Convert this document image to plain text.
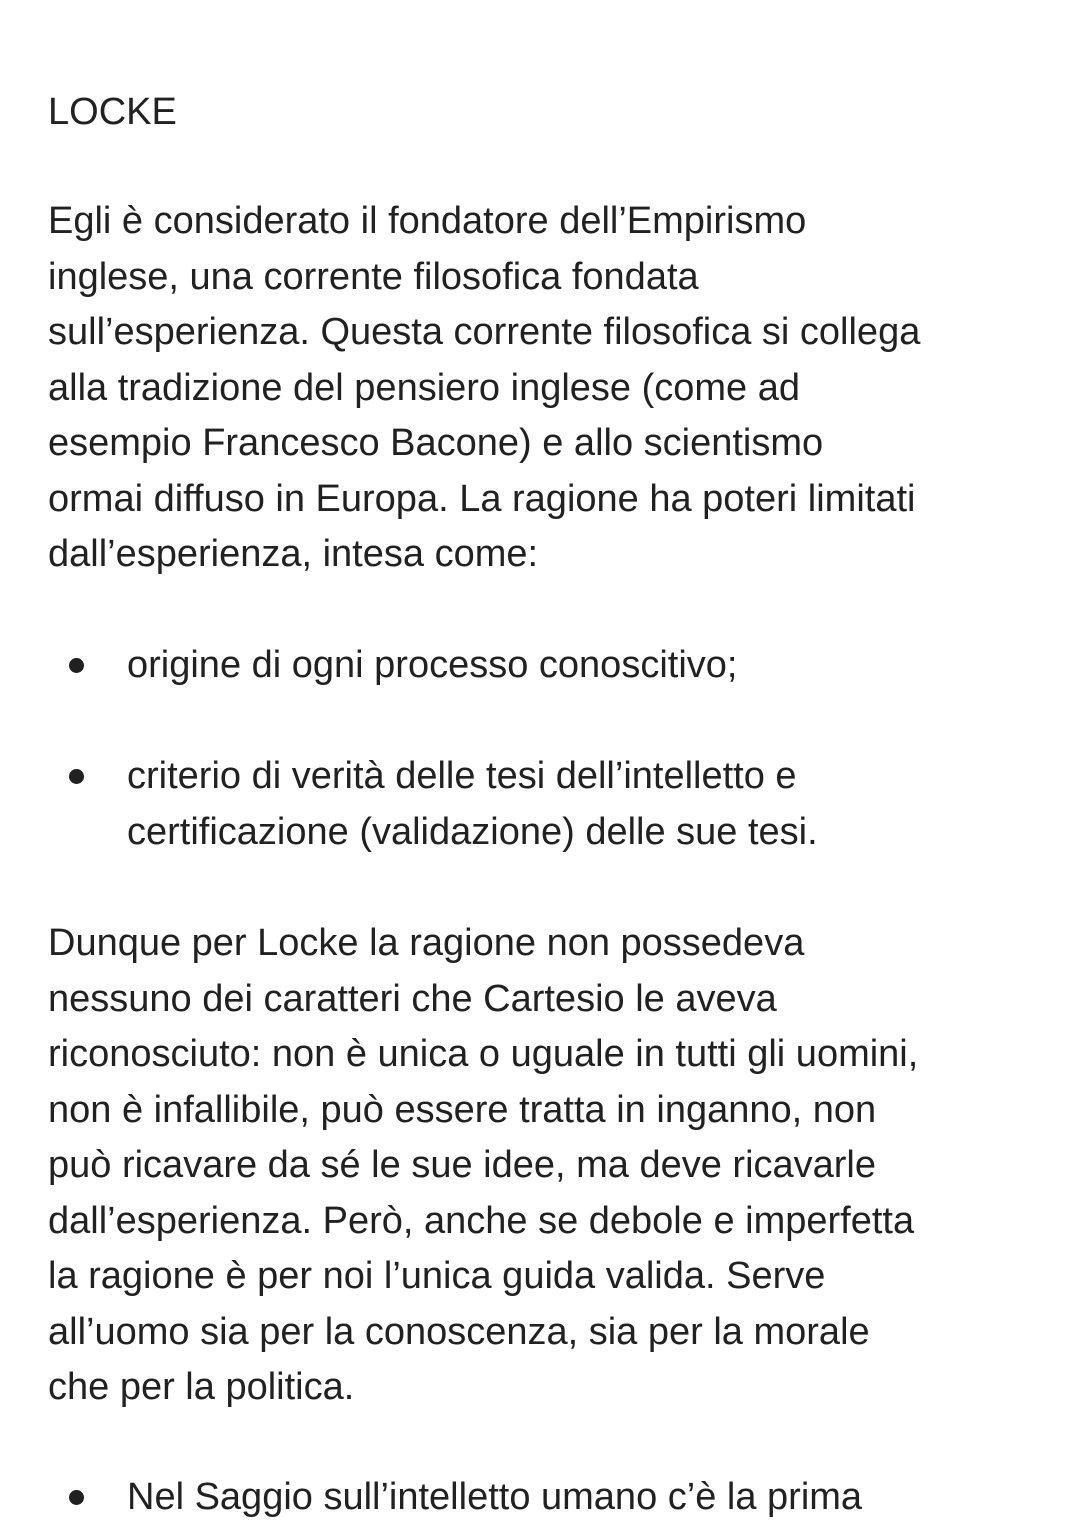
LOCKE

Egli è considerato il fondatore dell’Empirismo
inglese, una corrente filosofica fondata
sull’esperienza. Questa corrente filosofica si collega
alla tradizione del pensiero inglese (come ad
esempio Francesco Bacone) e allo scientismo
ormai diffuso in Europa. La ragione ha poteri limitati
dall’esperienza, intesa come:

origine di ogni processo conoscitivo;
criterio di verità delle tesi dell’intelletto e
certificazione (validazione) delle sue tesi.

Dunque per Locke la ragione non possedeva
nessuno dei caratteri che Cartesio le aveva
riconosciuto: non è unica o uguale in tutti gli uomini,
non è infallibile, può essere tratta in inganno, non
può ricavare da sé le sue idee, ma deve ricavarle
dall’esperienza. Però, anche se debole e imperfetta
la ragione è per noi l’unica guida valida. Serve
all’uomo sia per la conoscenza, sia per la morale
che per la politica.

Nel Saggio sull’intelletto umano c’è la prima
